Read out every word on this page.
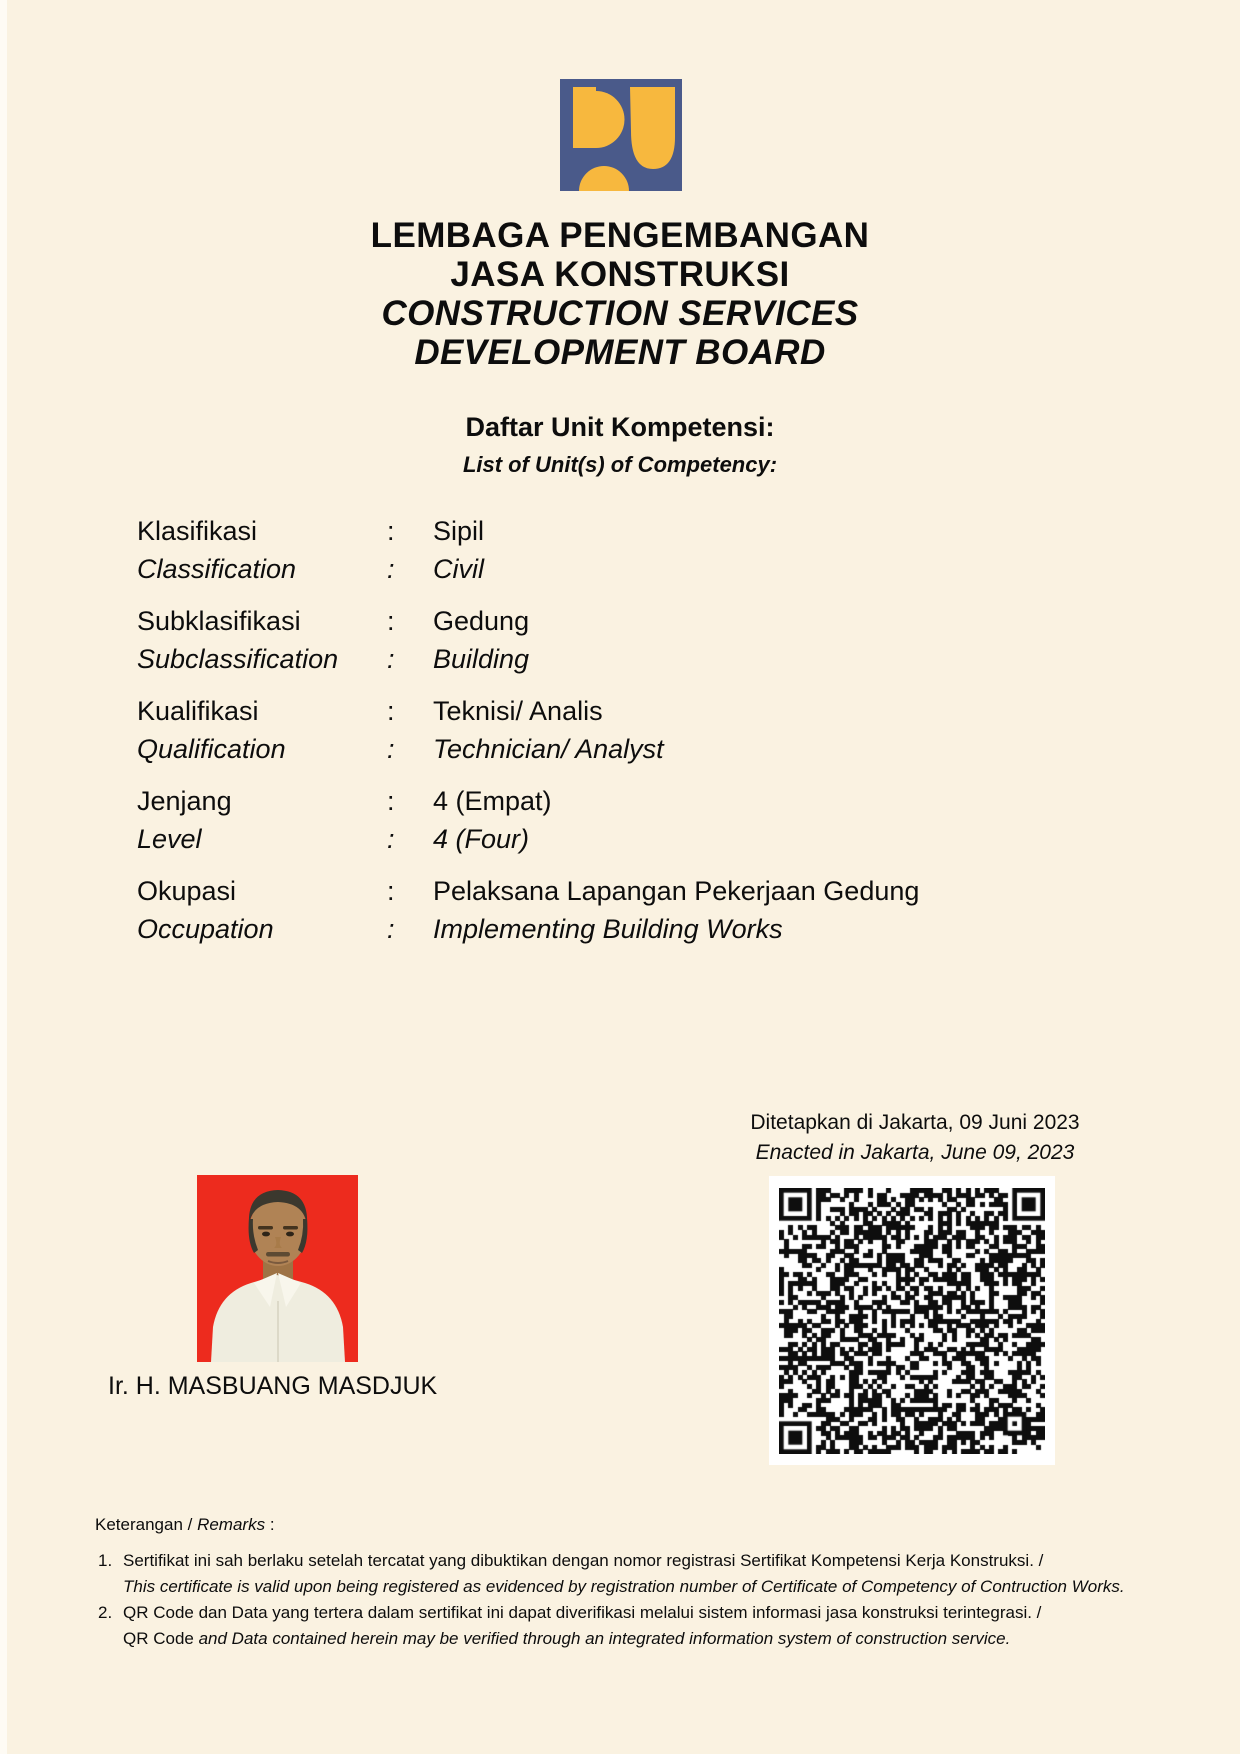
LEMBAGA PENGEMBANGAN
JASA KONSTRUKSI
CONSTRUCTION SERVICES
DEVELOPMENT BOARD
Daftar Unit Kompetensi:
List of Unit(s) of Competency:
Klasifikasi	:	Sipil
Classification	:	Civil
Subklasifikasi	:	Gedung
Subclassification	:	Building
Kualifikasi	:	Teknisi/ Analis
Qualification	:	Technician/ Analyst
Jenjang	:	4 (Empat)
Level	:	4 (Four)
Okupasi	:	Pelaksana Lapangan Pekerjaan Gedung
Occupation	:	Implementing Building Works
Ditetapkan di Jakarta, 09 Juni 2023
Enacted in Jakarta, June 09, 2023
Ir. H. MASBUANG MASDJUK
Keterangan / Remarks :
1. Sertifikat ini sah berlaku setelah tercatat yang dibuktikan dengan nomor registrasi Sertifikat Kompetensi Kerja Konstruksi. /
This certificate is valid upon being registered as evidenced by registration number of Certificate of Competency of Contruction Works.
2. QR Code dan Data yang tertera dalam sertifikat ini dapat diverifikasi melalui sistem informasi jasa konstruksi terintegrasi. /
QR Code and Data contained herein may be verified through an integrated information system of construction service.
